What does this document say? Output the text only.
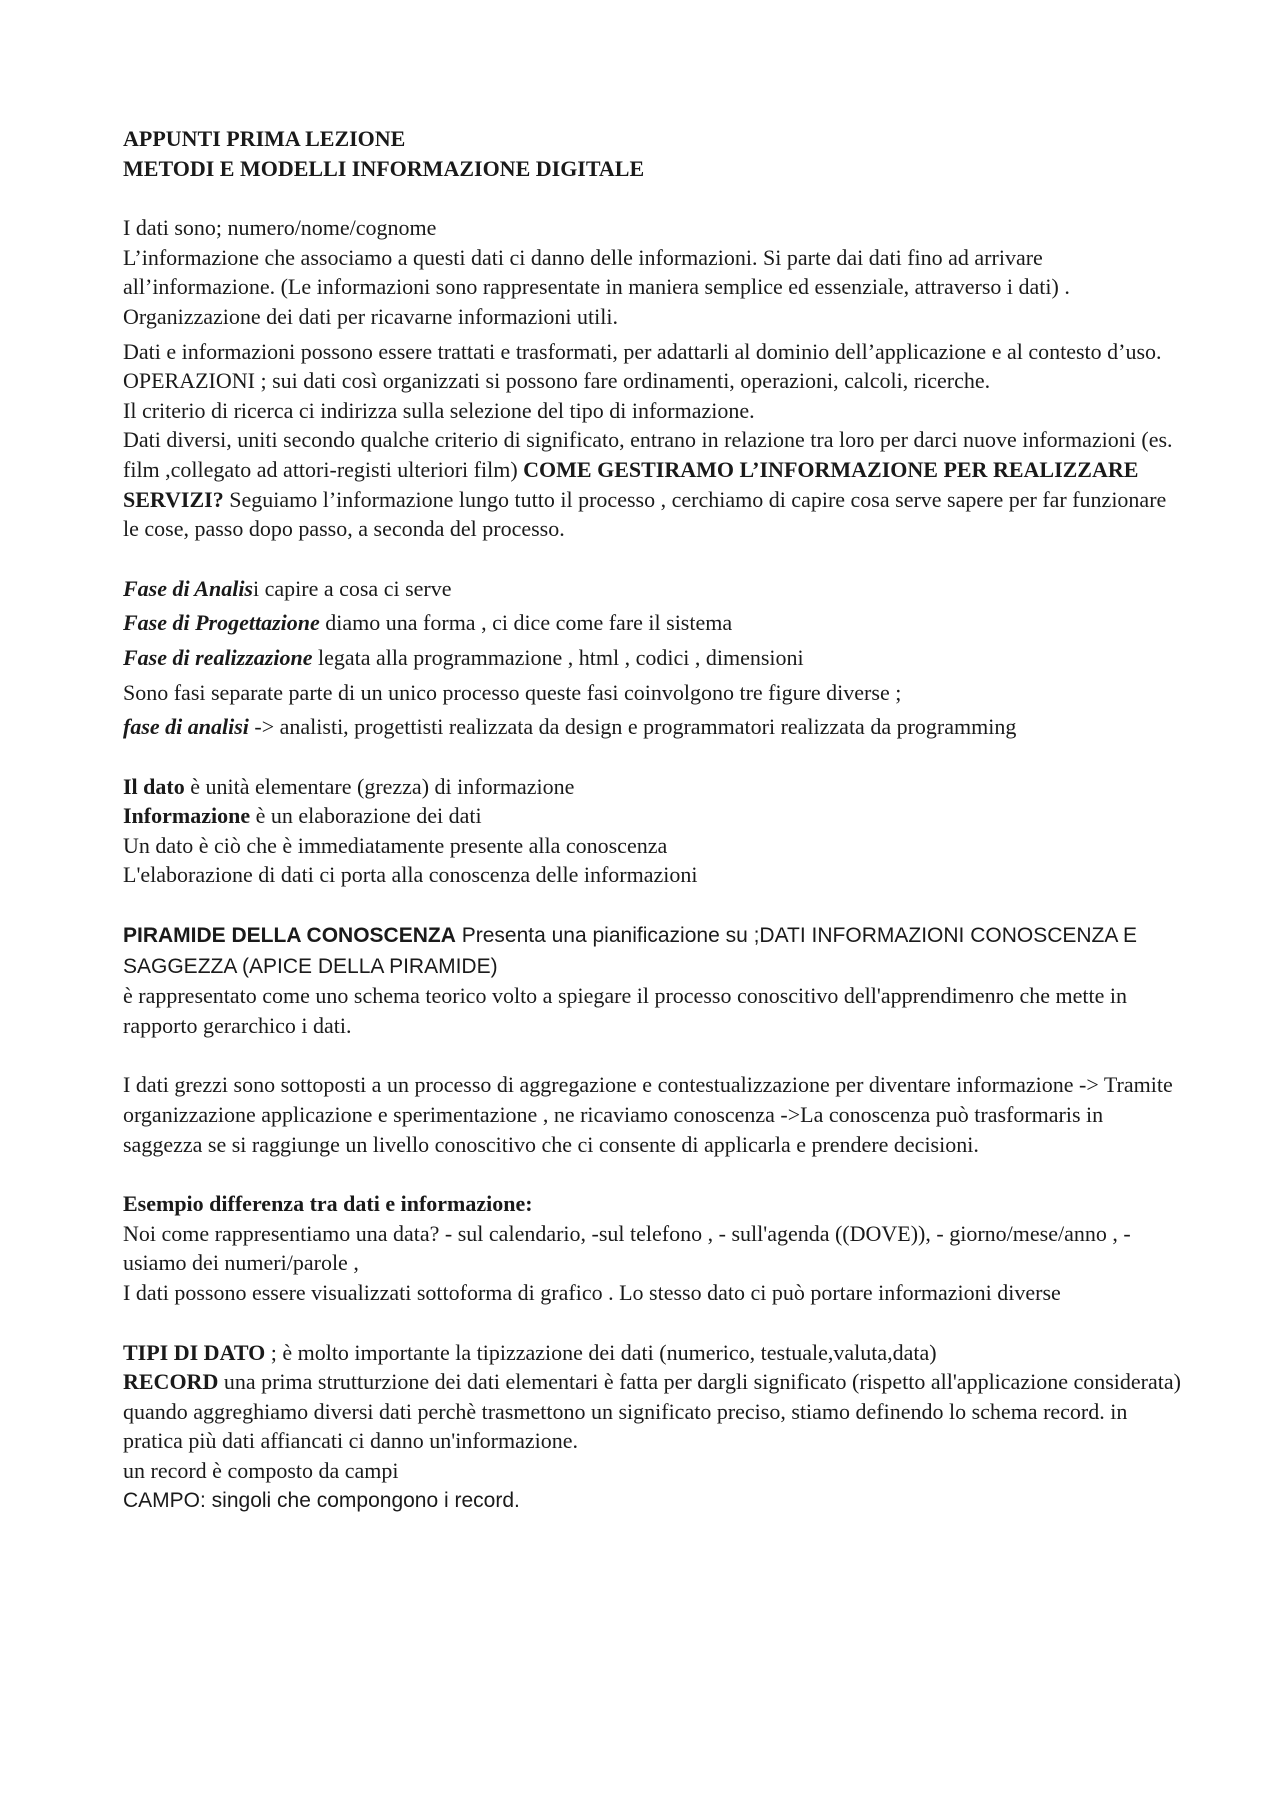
APPUNTI PRIMA LEZIONE
METODI E MODELLI INFORMAZIONE DIGITALE

I dati sono; numero/nome/cognome

L’informazione che associamo a questi dati ci danno delle informazioni. Si parte dai dati fino ad arrivare all’informazione. (Le informazioni sono rappresentate in maniera semplice ed essenziale, attraverso i dati) . Organizzazione dei dati per ricavarne informazioni utili.

Dati e informazioni possono essere trattati e trasformati, per adattarli al dominio dell’applicazione e al contesto d’uso.

OPERAZIONI ; sui dati così organizzati si possono fare ordinamenti, operazioni, calcoli, ricerche.

Il criterio di ricerca ci indirizza sulla selezione del tipo di informazione.

Dati diversi, uniti secondo qualche criterio di significato, entrano in relazione tra loro per darci nuove informazioni (es. film ,collegato ad attori-registi ulteriori film) COME GESTIRAMO L’INFORMAZIONE PER REALIZZARE SERVIZI? Seguiamo l’informazione lungo tutto il processo , cerchiamo di capire cosa serve sapere per far funzionare le cose, passo dopo passo, a seconda del processo.

Fase di Analisi capire a cosa ci serve

Fase di Progettazione diamo una forma , ci dice come fare il sistema

Fase di realizzazione legata alla programmazione , html , codici , dimensioni

Sono fasi separate parte di un unico processo queste fasi coinvolgono tre figure diverse ;

fase di analisi -> analisti, progettisti realizzata da design e programmatori realizzata da programming

Il dato è unità elementare (grezza) di informazione

Informazione è un elaborazione dei dati

Un dato è ciò che è immediatamente presente alla conoscenza

L'elaborazione di dati ci porta alla conoscenza delle informazioni

PIRAMIDE DELLA CONOSCENZA Presenta una pianificazione su ;DATI INFORMAZIONI CONOSCENZA E SAGGEZZA (APICE DELLA PIRAMIDE)

è rappresentato come uno schema teorico volto a spiegare il processo conoscitivo dell'apprendimenro che mette in rapporto gerarchico i dati.

I dati grezzi sono sottoposti a un processo di aggregazione e contestualizzazione per diventare informazione -> Tramite organizzazione applicazione e sperimentazione , ne ricaviamo conoscenza ->La conoscenza può trasformaris in saggezza se si raggiunge un livello conoscitivo che ci consente di applicarla e prendere decisioni.

Esempio differenza tra dati e informazione:

Noi come rappresentiamo una data? - sul calendario, -sul telefono , - sull'agenda ((DOVE)), - giorno/mese/anno , - usiamo dei numeri/parole ,

I dati possono essere visualizzati sottoforma di grafico . Lo stesso dato ci può portare informazioni diverse

TIPI DI DATO ; è molto importante la tipizzazione dei dati (numerico, testuale,valuta,data)

RECORD una prima strutturzione dei dati elementari è fatta per dargli significato (rispetto all'applicazione considerata) quando aggreghiamo diversi dati perchè trasmettono un significato preciso, stiamo definendo lo schema record. in pratica più dati affiancati ci danno un'informazione.

un record è composto da campi

CAMPO: singoli che compongono i record.
